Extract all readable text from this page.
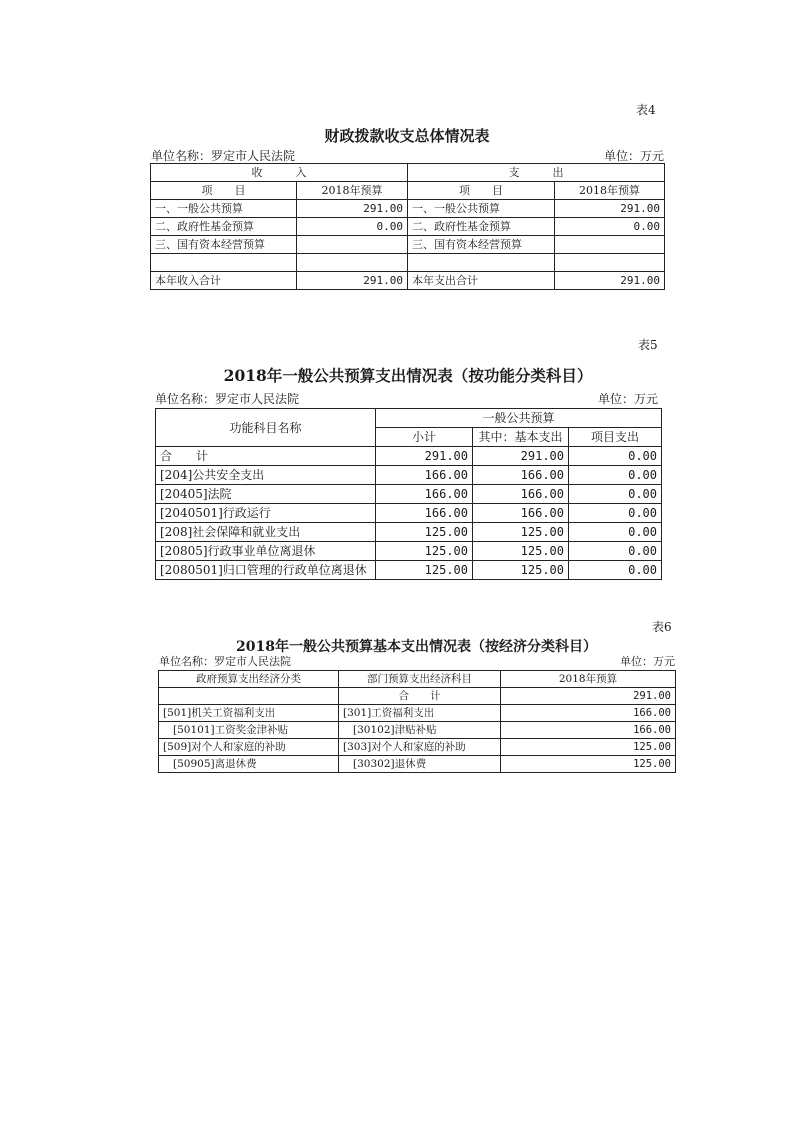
表4
财政拨款收支总体情况表
单位名称：罗定市人民法院	单位：万元
收　　　入		支　　　出	
项　　目	2018年预算	项　　目	2018年预算
一、一般公共预算	291.00	一、一般公共预算	291.00
二、政府性基金预算	0.00	二、政府性基金预算	0.00
三、国有资本经营预算		三、国有资本经营预算	

本年收入合计	291.00	本年支出合计	291.00
表5
2018年一般公共预算支出情况表（按功能分类科目）
单位名称：罗定市人民法院	单位：万元
功能科目名称	一般公共预算		
	小计	其中：基本支出	项目支出
合　　计	291.00	291.00	0.00
[204]公共安全支出	166.00	166.00	0.00
[20405]法院	166.00	166.00	0.00
[2040501]行政运行	166.00	166.00	0.00
[208]社会保障和就业支出	125.00	125.00	0.00
[20805]行政事业单位离退休	125.00	125.00	0.00
[2080501]归口管理的行政单位离退休	125.00	125.00	0.00
表6
2018年一般公共预算基本支出情况表（按经济分类科目）
单位名称：罗定市人民法院	单位：万元
政府预算支出经济分类	部门预算支出经济科目	2018年预算
	合　　计	291.00
[501]机关工资福利支出	[301]工资福利支出	166.00
[50101]工资奖金津补贴	[30102]津贴补贴	166.00
[509]对个人和家庭的补助	[303]对个人和家庭的补助	125.00
[50905]离退休费	[30302]退休费	125.00
